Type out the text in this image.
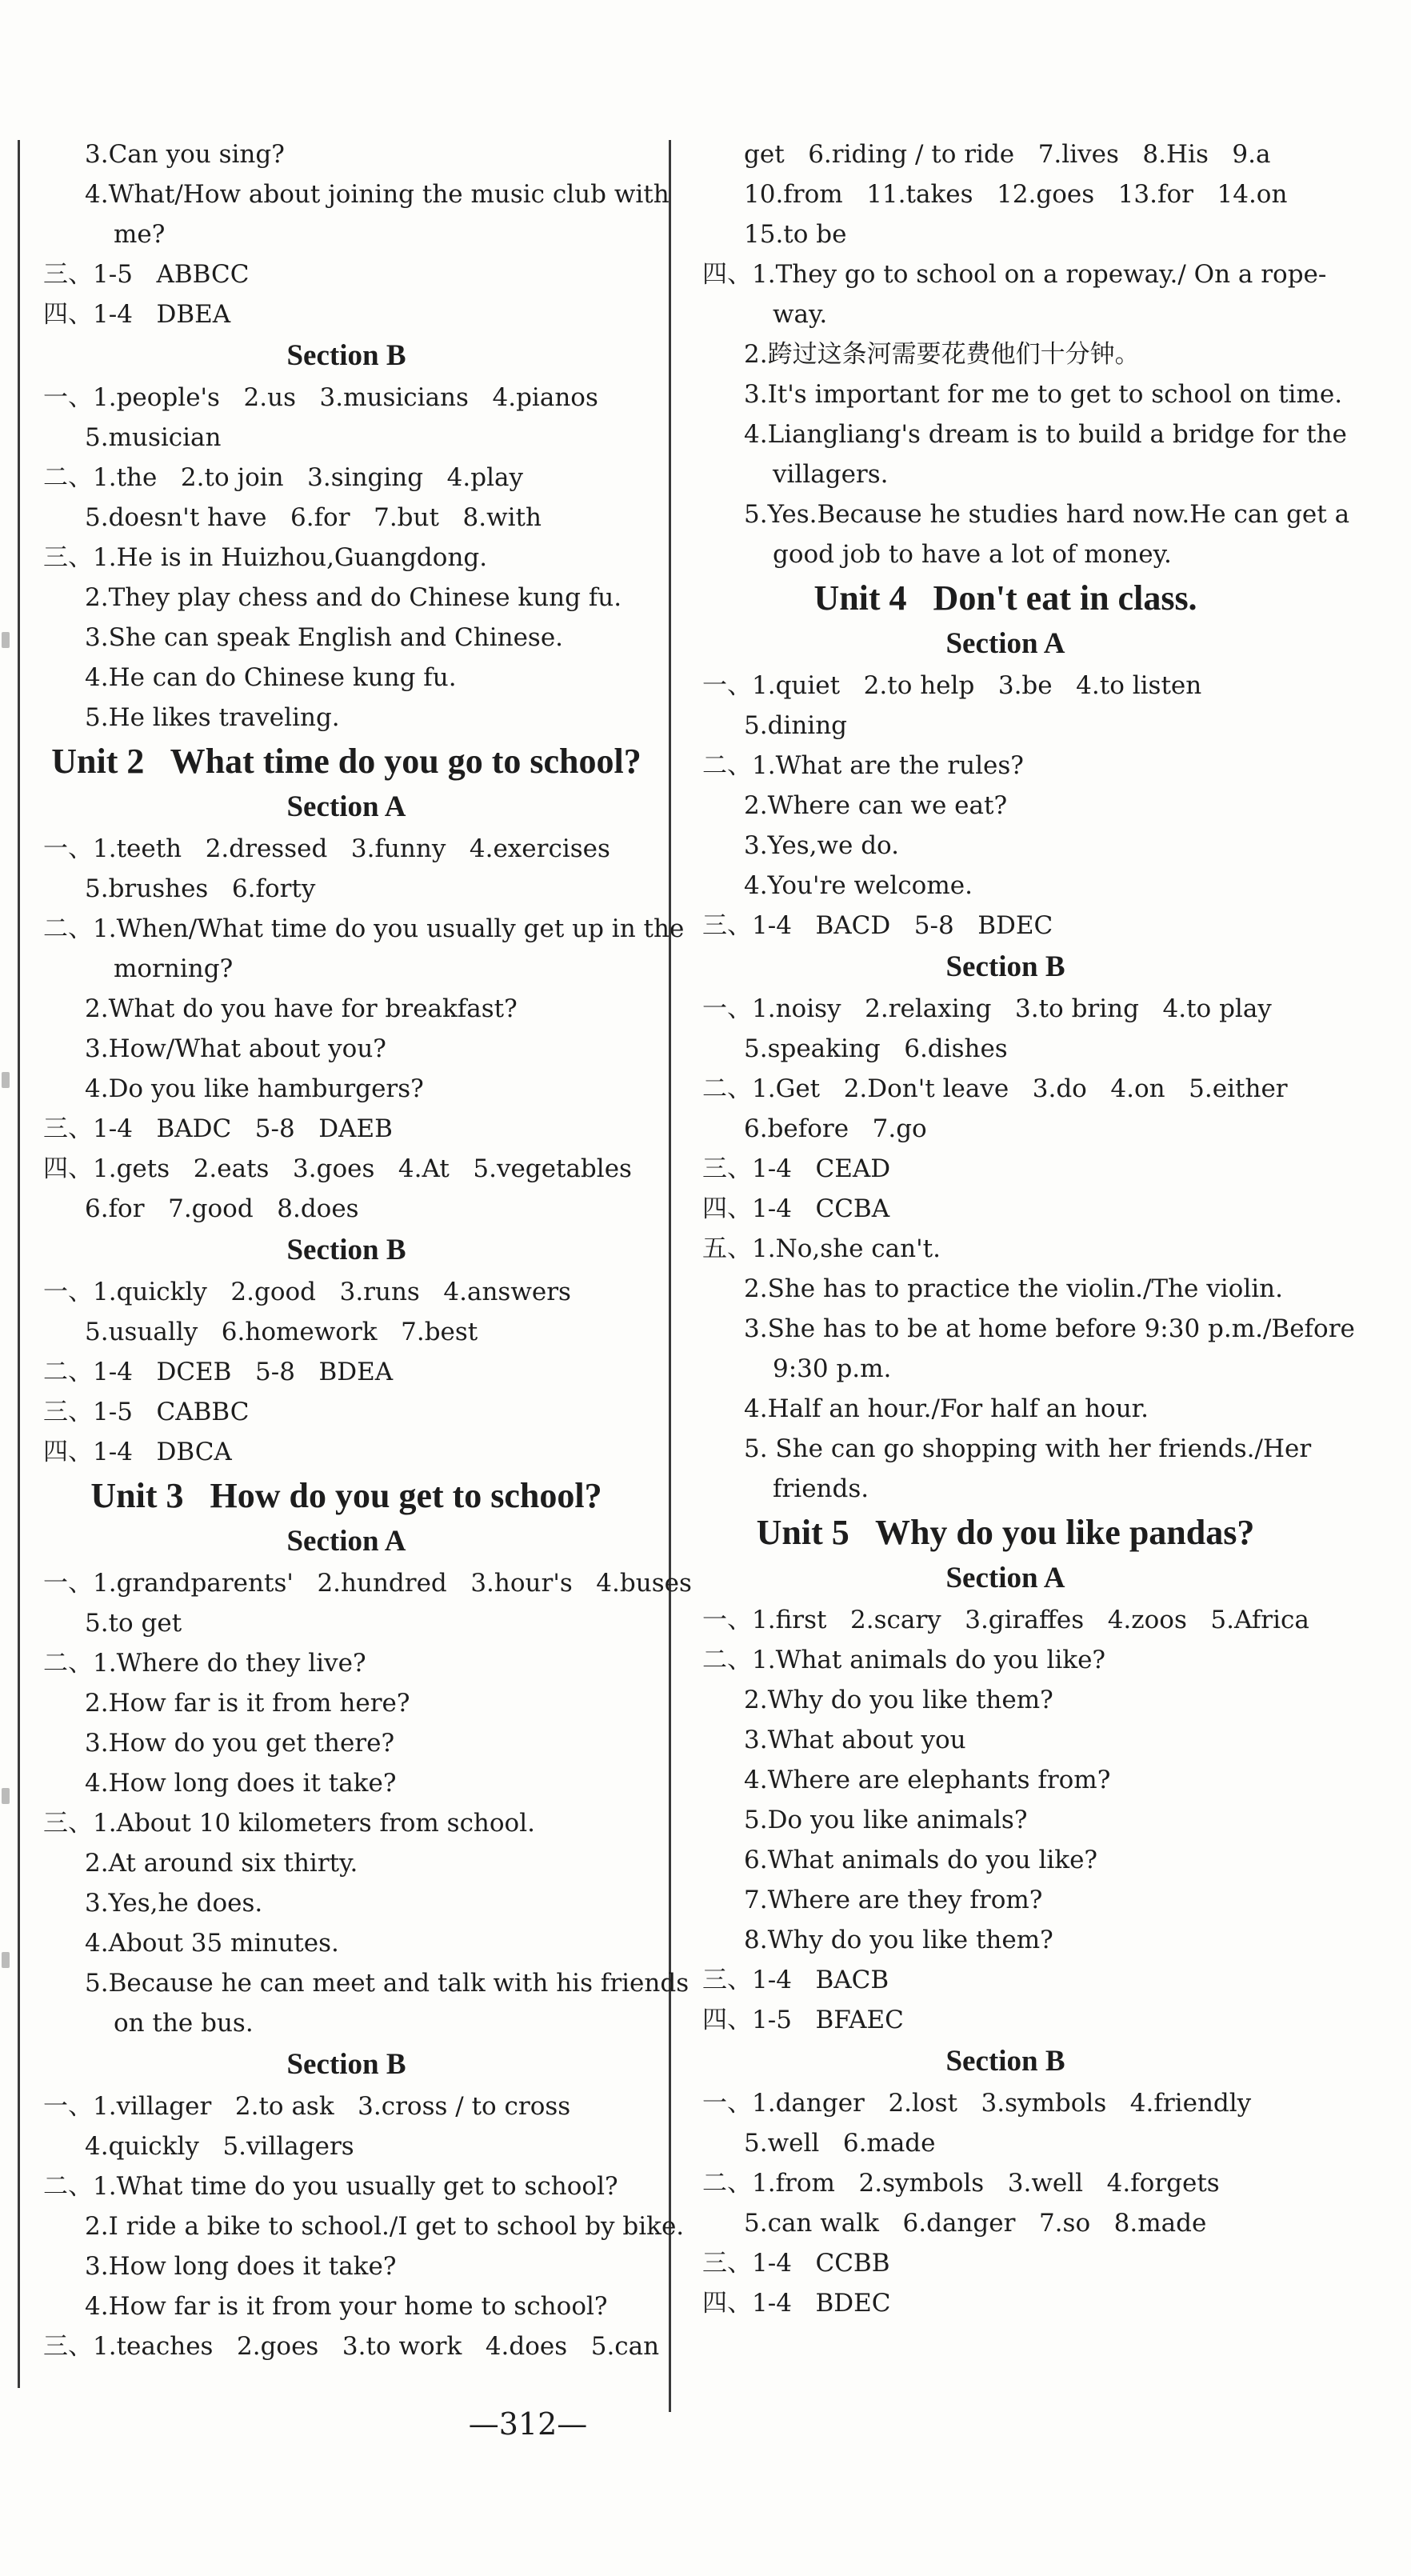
3.Can you sing?
4.What/How about joining the music club with
me?
三、1-5   ABBCC
四、1-4   DBEA
Section B
一、1.people's   2.us   3.musicians   4.pianos
5.musician
二、1.the   2.to join   3.singing   4.play
5.doesn't have   6.for   7.but   8.with
三、1.He is in Huizhou,Guangdong.
2.They play chess and do Chinese kung fu.
3.She can speak English and Chinese.
4.He can do Chinese kung fu.
5.He likes traveling.
Unit 2   What time do you go to school?
Section A
一、1.teeth   2.dressed   3.funny   4.exercises
5.brushes   6.forty
二、1.When/What time do you usually get up in the
morning?
2.What do you have for breakfast?
3.How/What about you?
4.Do you like hamburgers?
三、1-4   BADC   5-8   DAEB
四、1.gets   2.eats   3.goes   4.At   5.vegetables
6.for   7.good   8.does
Section B
一、1.quickly   2.good   3.runs   4.answers
5.usually   6.homework   7.best
二、1-4   DCEB   5-8   BDEA
三、1-5   CABBC
四、1-4   DBCA
Unit 3   How do you get to school?
Section A
一、1.grandparents'   2.hundred   3.hour's   4.buses
5.to get
二、1.Where do they live?
2.How far is it from here?
3.How do you get there?
4.How long does it take?
三、1.About 10 kilometers from school.
2.At around six thirty.
3.Yes,he does.
4.About 35 minutes.
5.Because he can meet and talk with his friends
on the bus.
Section B
一、1.villager   2.to ask   3.cross / to cross
4.quickly   5.villagers
二、1.What time do you usually get to school?
2.I ride a bike to school./I get to school by bike.
3.How long does it take?
4.How far is it from your home to school?
三、1.teaches   2.goes   3.to work   4.does   5.can
get   6.riding / to ride   7.lives   8.His   9.a
10.from   11.takes   12.goes   13.for   14.on
15.to be
四、1.They go to school on a ropeway./ On a rope-
way.
2.跨过这条河需要花费他们十分钟。
3.It's important for me to get to school on time.
4.Liangliang's dream is to build a bridge for the
villagers.
5.Yes.Because he studies hard now.He can get a
good job to have a lot of money.
Unit 4   Don't eat in class.
Section A
一、1.quiet   2.to help   3.be   4.to listen
5.dining
二、1.What are the rules?
2.Where can we eat?
3.Yes,we do.
4.You're welcome.
三、1-4   BACD   5-8   BDEC
Section B
一、1.noisy   2.relaxing   3.to bring   4.to play
5.speaking   6.dishes
二、1.Get   2.Don't leave   3.do   4.on   5.either
6.before   7.go
三、1-4   CEAD
四、1-4   CCBA
五、1.No,she can't.
2.She has to practice the violin./The violin.
3.She has to be at home before 9:30 p.m./Before
9:30 p.m.
4.Half an hour./For half an hour.
5. She can go shopping with her friends./Her
friends.
Unit 5   Why do you like pandas?
Section A
一、1.first   2.scary   3.giraffes   4.zoos   5.Africa
二、1.What animals do you like?
2.Why do you like them?
3.What about you
4.Where are elephants from?
5.Do you like animals?
6.What animals do you like?
7.Where are they from?
8.Why do you like them?
三、1-4   BACB
四、1-5   BFAEC
Section B
一、1.danger   2.lost   3.symbols   4.friendly
5.well   6.made
二、1.from   2.symbols   3.well   4.forgets
5.can walk   6.danger   7.so   8.made
三、1-4   CCBB
四、1-4   BDEC
—312—
